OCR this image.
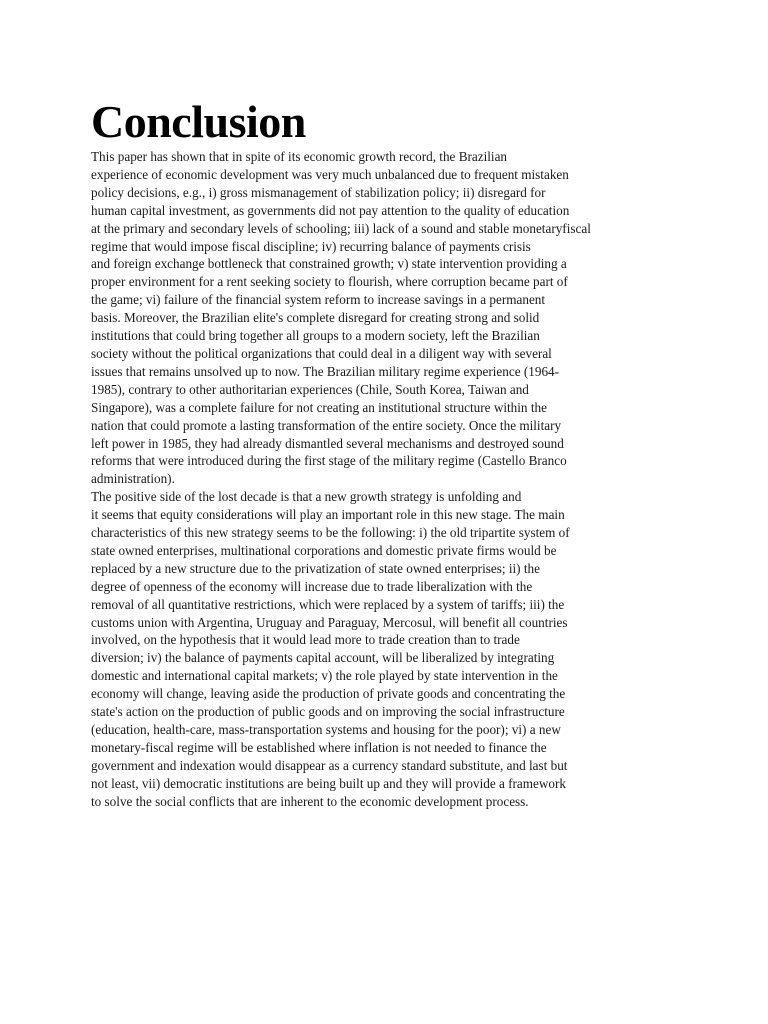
Conclusion

This paper has shown that in spite of its economic growth record, the Brazilian
experience of economic development was very much unbalanced due to frequent mistaken
policy decisions, e.g., i) gross mismanagement of stabilization policy; ii) disregard for
human capital investment, as governments did not pay attention to the quality of education
at the primary and secondary levels of schooling; iii) lack of a sound and stable monetaryfiscal
regime that would impose fiscal discipline; iv) recurring balance of payments crisis
and foreign exchange bottleneck that constrained growth; v) state intervention providing a
proper environment for a rent seeking society to flourish, where corruption became part of
the game; vi) failure of the financial system reform to increase savings in a permanent
basis. Moreover, the Brazilian elite's complete disregard for creating strong and solid
institutions that could bring together all groups to a modern society, left the Brazilian
society without the political organizations that could deal in a diligent way with several
issues that remains unsolved up to now. The Brazilian military regime experience (1964-
1985), contrary to other authoritarian experiences (Chile, South Korea, Taiwan and
Singapore), was a complete failure for not creating an institutional structure within the
nation that could promote a lasting transformation of the entire society. Once the military
left power in 1985, they had already dismantled several mechanisms and destroyed sound
reforms that were introduced during the first stage of the military regime (Castello Branco
administration).

The positive side of the lost decade is that a new growth strategy is unfolding and
it seems that equity considerations will play an important role in this new stage. The main
characteristics of this new strategy seems to be the following: i) the old tripartite system of
state owned enterprises, multinational corporations and domestic private firms would be
replaced by a new structure due to the privatization of state owned enterprises; ii) the
degree of openness of the economy will increase due to trade liberalization with the
removal of all quantitative restrictions, which were replaced by a system of tariffs; iii) the
customs union with Argentina, Uruguay and Paraguay, Mercosul, will benefit all countries
involved, on the hypothesis that it would lead more to trade creation than to trade
diversion; iv) the balance of payments capital account, will be liberalized by integrating
domestic and international capital markets; v) the role played by state intervention in the
economy will change, leaving aside the production of private goods and concentrating the
state's action on the production of public goods and on improving the social infrastructure
(education, health-care, mass-transportation systems and housing for the poor); vi) a new
monetary-fiscal regime will be established where inflation is not needed to finance the
government and indexation would disappear as a currency standard substitute, and last but
not least, vii) democratic institutions are being built up and they will provide a framework
to solve the social conflicts that are inherent to the economic development process.
